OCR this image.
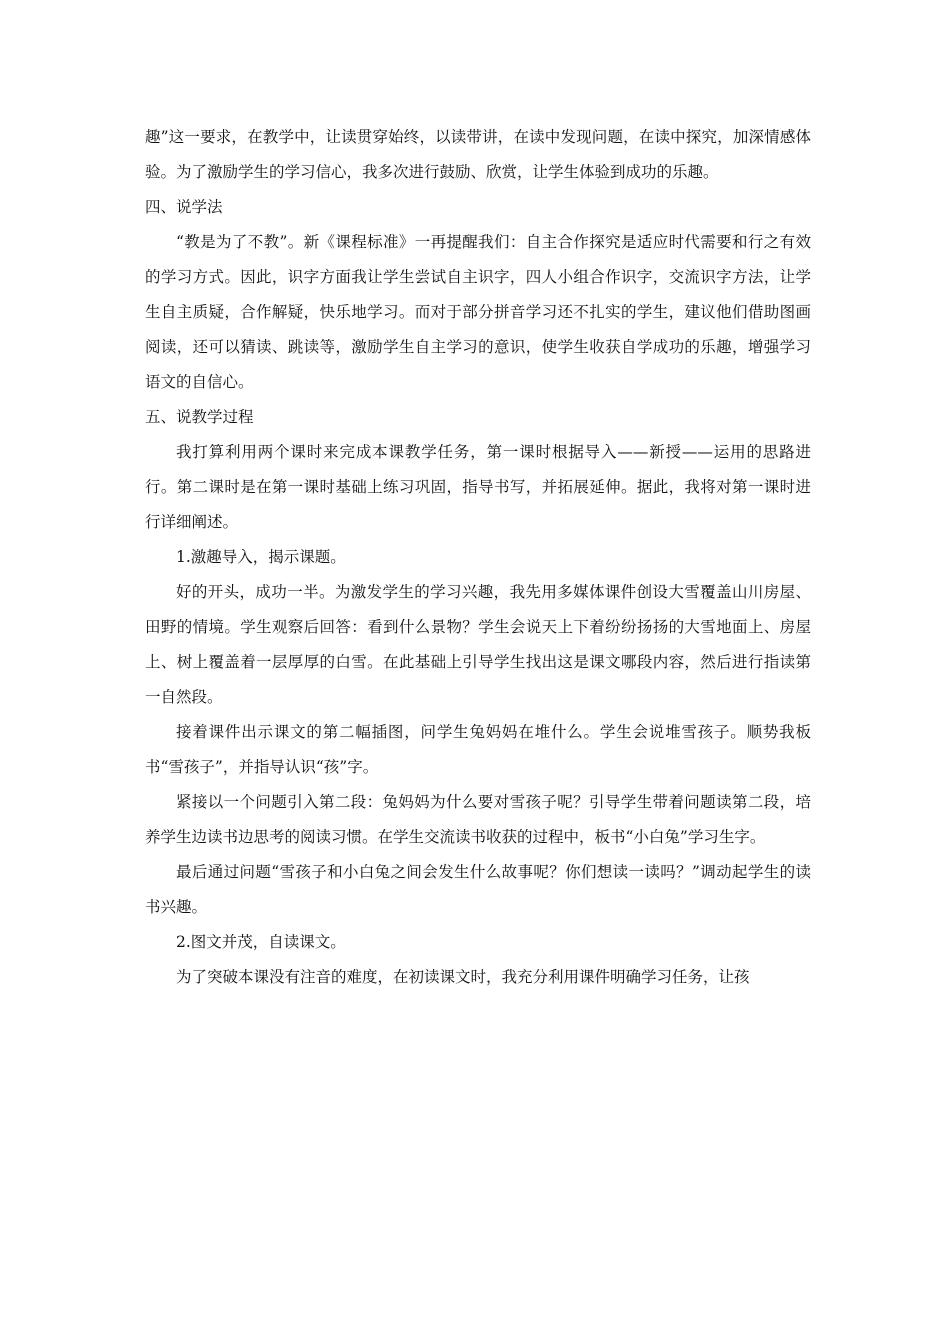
趣”这一要求，在教学中，让读贯穿始终，以读带讲，在读中发现问题，在读中探究，加深情感体验。为了激励学生的学习信心，我多次进行鼓励、欣赏，让学生体验到成功的乐趣。

四、说学法

“教是为了不教”。新《课程标准》一再提醒我们：自主合作探究是适应时代需要和行之有效的学习方式。因此，识字方面我让学生尝试自主识字，四人小组合作识字，交流识字方法，让学生自主质疑，合作解疑，快乐地学习。而对于部分拼音学习还不扎实的学生，建议他们借助图画阅读，还可以猜读、跳读等，激励学生自主学习的意识，使学生收获自学成功的乐趣，增强学习语文的自信心。

五、说教学过程

我打算利用两个课时来完成本课教学任务，第一课时根据导入——新授——运用的思路进行。第二课时是在第一课时基础上练习巩固，指导书写，并拓展延伸。据此，我将对第一课时进行详细阐述。

1.激趣导入，揭示课题。

好的开头，成功一半。为激发学生的学习兴趣，我先用多媒体课件创设大雪覆盖山川房屋、田野的情境。学生观察后回答：看到什么景物？学生会说天上下着纷纷扬扬的大雪地面上、房屋上、树上覆盖着一层厚厚的白雪。在此基础上引导学生找出这是课文哪段内容，然后进行指读第一自然段。

接着课件出示课文的第二幅插图，问学生兔妈妈在堆什么。学生会说堆雪孩子。顺势我板书“雪孩子”，并指导认识“孩”字。

紧接以一个问题引入第二段：兔妈妈为什么要对雪孩子呢？引导学生带着问题读第二段，培养学生边读书边思考的阅读习惯。在学生交流读书收获的过程中，板书“小白兔”学习生字。

最后通过问题“雪孩子和小白兔之间会发生什么故事呢？你们想读一读吗？”调动起学生的读书兴趣。

2.图文并茂，自读课文。

为了突破本课没有注音的难度，在初读课文时，我充分利用课件明确学习任务，让孩
